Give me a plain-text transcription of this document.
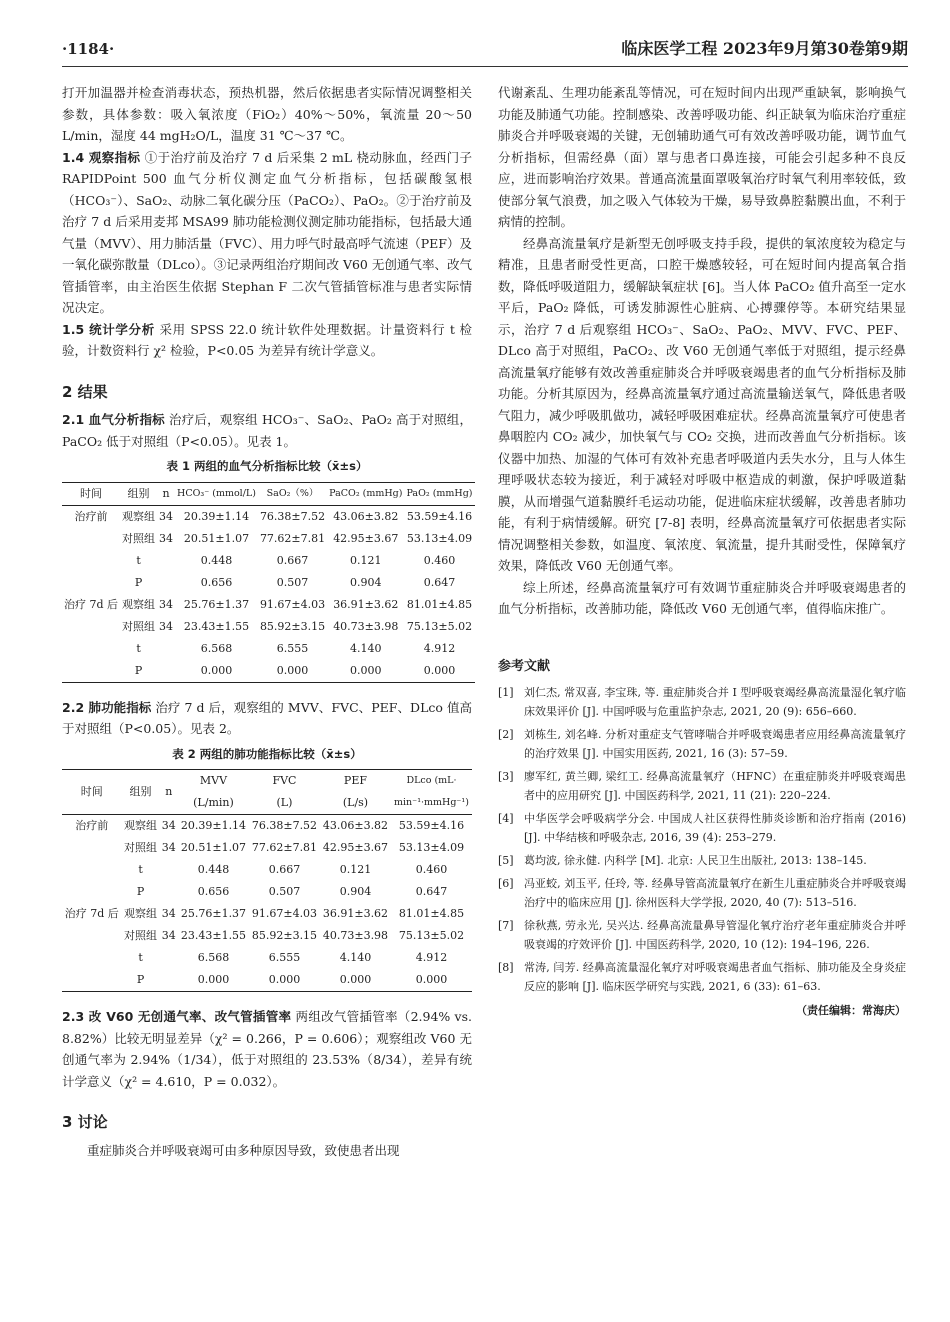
·1184·	临床医学工程 2023年9月第30卷第9期

打开加温器并检查消毒状态，预热机器，然后依据患者实际情况调整相关参数，具体参数：吸入氧浓度（FiO₂）40%～50%，氧流量 20～50 L/min，湿度 44 mgH₂O/L，温度 31 ℃～37 ℃。

1.4 观察指标 ①于治疗前及治疗 7 d 后采集 2 mL 桡动脉血，经西门子 RAPIDPoint 500 血气分析仪测定血气分析指标，包括碳酸氢根（HCO₃⁻）、SaO₂、动脉二氧化碳分压（PaCO₂）、PaO₂。②于治疗前及治疗 7 d 后采用麦邦 MSA99 肺功能检测仪测定肺功能指标，包括最大通气量（MVV）、用力肺活量（FVC）、用力呼气时最高呼气流速（PEF）及一氧化碳弥散量（DLco）。③记录两组治疗期间改 V60 无创通气率、改气管插管率，由主治医生依据 Stephan F 二次气管插管标准与患者实际情况决定。

1.5 统计学分析 采用 SPSS 22.0 统计软件处理数据。计量资料行 t 检验，计数资料行 χ² 检验，P<0.05 为差异有统计学意义。

2 结果

2.1 血气分析指标 治疗后，观察组 HCO₃⁻、SaO₂、PaO₂ 高于对照组，PaCO₂ 低于对照组（P<0.05）。见表 1。

表 1 两组的血气分析指标比较（x̄±s）
时间	组别	n	HCO₃⁻ (mmol/L)	SaO₂（%）	PaCO₂ (mmHg)	PaO₂ (mmHg)
治疗前	观察组	34	20.39±1.14	76.38±7.52	43.06±3.82	53.59±4.16
	对照组	34	20.51±1.07	77.62±7.81	42.95±3.67	53.13±4.09
	t		0.448	0.667	0.121	0.460
	P		0.656	0.507	0.904	0.647
治疗 7d 后	观察组	34	25.76±1.37	91.67±4.03	36.91±3.62	81.01±4.85
	对照组	34	23.43±1.55	85.92±3.15	40.73±3.98	75.13±5.02
	t		6.568	6.555	4.140	4.912
	P		0.000	0.000	0.000	0.000

2.2 肺功能指标 治疗 7 d 后，观察组的 MVV、FVC、PEF、DLco 值高于对照组（P<0.05）。见表 2。

表 2 两组的肺功能指标比较（x̄±s）
时间	组别	n	MVV	FVC	PEF	DLco (mL·
			(L/min)	(L)	(L/s)	min⁻¹·mmHg⁻¹)
治疗前	观察组	34	20.39±1.14	76.38±7.52	43.06±3.82	53.59±4.16
	对照组	34	20.51±1.07	77.62±7.81	42.95±3.67	53.13±4.09
	t		0.448	0.667	0.121	0.460
	P		0.656	0.507	0.904	0.647
治疗 7d 后	观察组	34	25.76±1.37	91.67±4.03	36.91±3.62	81.01±4.85
	对照组	34	23.43±1.55	85.92±3.15	40.73±3.98	75.13±5.02
	t		6.568	6.555	4.140	4.912
	P		0.000	0.000	0.000	0.000

2.3 改 V60 无创通气率、改气管插管率 两组改气管插管率（2.94% vs. 8.82%）比较无明显差异（χ² = 0.266，P = 0.606）；观察组改 V60 无创通气率为 2.94%（1/34），低于对照组的 23.53%（8/34），差异有统计学意义（χ² = 4.610，P = 0.032）。

3 讨论

重症肺炎合并呼吸衰竭可由多种原因导致，致使患者出现

代谢紊乱、生理功能紊乱等情况，可在短时间内出现严重缺氧，影响换气功能及肺通气功能。控制感染、改善呼吸功能、纠正缺氧为临床治疗重症肺炎合并呼吸衰竭的关键，无创辅助通气可有效改善呼吸功能，调节血气分析指标，但需经鼻（面）罩与患者口鼻连接，可能会引起多种不良反应，进而影响治疗效果。普通高流量面罩吸氧治疗时氧气利用率较低，致使部分氧气浪费，加之吸入气体较为干燥，易导致鼻腔黏膜出血，不利于病情的控制。

经鼻高流量氧疗是新型无创呼吸支持手段，提供的氧浓度较为稳定与精准，且患者耐受性更高，口腔干燥感较轻，可在短时间内提高氧合指数，降低呼吸道阻力，缓解缺氧症状 [6]。当人体 PaCO₂ 值升高至一定水平后，PaO₂ 降低，可诱发肺源性心脏病、心搏骤停等。本研究结果显示，治疗 7 d 后观察组 HCO₃⁻、SaO₂、PaO₂、MVV、FVC、PEF、DLco 高于对照组，PaCO₂、改 V60 无创通气率低于对照组，提示经鼻高流量氧疗能够有效改善重症肺炎合并呼吸衰竭患者的血气分析指标及肺功能。分析其原因为，经鼻高流量氧疗通过高流量输送氧气，降低患者吸气阻力，减少呼吸肌做功，减轻呼吸困难症状。经鼻高流量氧疗可使患者鼻咽腔内 CO₂ 减少，加快氧气与 CO₂ 交换，进而改善血气分析指标。该仪器中加热、加湿的气体可有效补充患者呼吸道内丢失水分，且与人体生理呼吸状态较为接近，利于减轻对呼吸中枢造成的刺激，保护呼吸道黏膜，从而增强气道黏膜纤毛运动功能，促进临床症状缓解，改善患者肺功能，有利于病情缓解。研究 [7-8] 表明，经鼻高流量氧疗可依据患者实际情况调整相关参数，如温度、氧浓度、氧流量，提升其耐受性，保障氧疗效果，降低改 V60 无创通气率。

综上所述，经鼻高流量氧疗可有效调节重症肺炎合并呼吸衰竭患者的血气分析指标，改善肺功能，降低改 V60 无创通气率，值得临床推广。

参考文献
[1] 刘仁杰, 常双喜, 李宝珠, 等. 重症肺炎合并 I 型呼吸衰竭经鼻高流量湿化氧疗临床效果评价 [J]. 中国呼吸与危重监护杂志, 2021, 20 (9): 656–660.
[2] 刘栋生, 刘名峰. 分析对重症支气管哮喘合并呼吸衰竭患者应用经鼻高流量氧疗的治疗效果 [J]. 中国实用医药, 2021, 16 (3): 57–59.
[3] 廖军红, 黄兰卿, 梁红工. 经鼻高流量氧疗（HFNC）在重症肺炎并呼吸衰竭患者中的应用研究 [J]. 中国医药科学, 2021, 11 (21): 220–224.
[4] 中华医学会呼吸病学分会. 中国成人社区获得性肺炎诊断和治疗指南 (2016) [J]. 中华结核和呼吸杂志, 2016, 39 (4): 253–279.
[5] 葛均波, 徐永健. 内科学 [M]. 北京: 人民卫生出版社, 2013: 138–145.
[6] 冯亚蛟, 刘玉平, 任玲, 等. 经鼻导管高流量氧疗在新生儿重症肺炎合并呼吸衰竭治疗中的临床应用 [J]. 徐州医科大学学报, 2020, 40 (7): 513–516.
[7] 徐秋燕, 劳永光, 吴兴达. 经鼻高流量鼻导管湿化氧疗治疗老年重症肺炎合并呼吸衰竭的疗效评价 [J]. 中国医药科学, 2020, 10 (12): 194–196, 226.
[8] 常涛, 闫芳. 经鼻高流量湿化氧疗对呼吸衰竭患者血气指标、肺功能及全身炎症反应的影响 [J]. 临床医学研究与实践, 2021, 6 (33): 61–63.
（责任编辑：常海庆）
